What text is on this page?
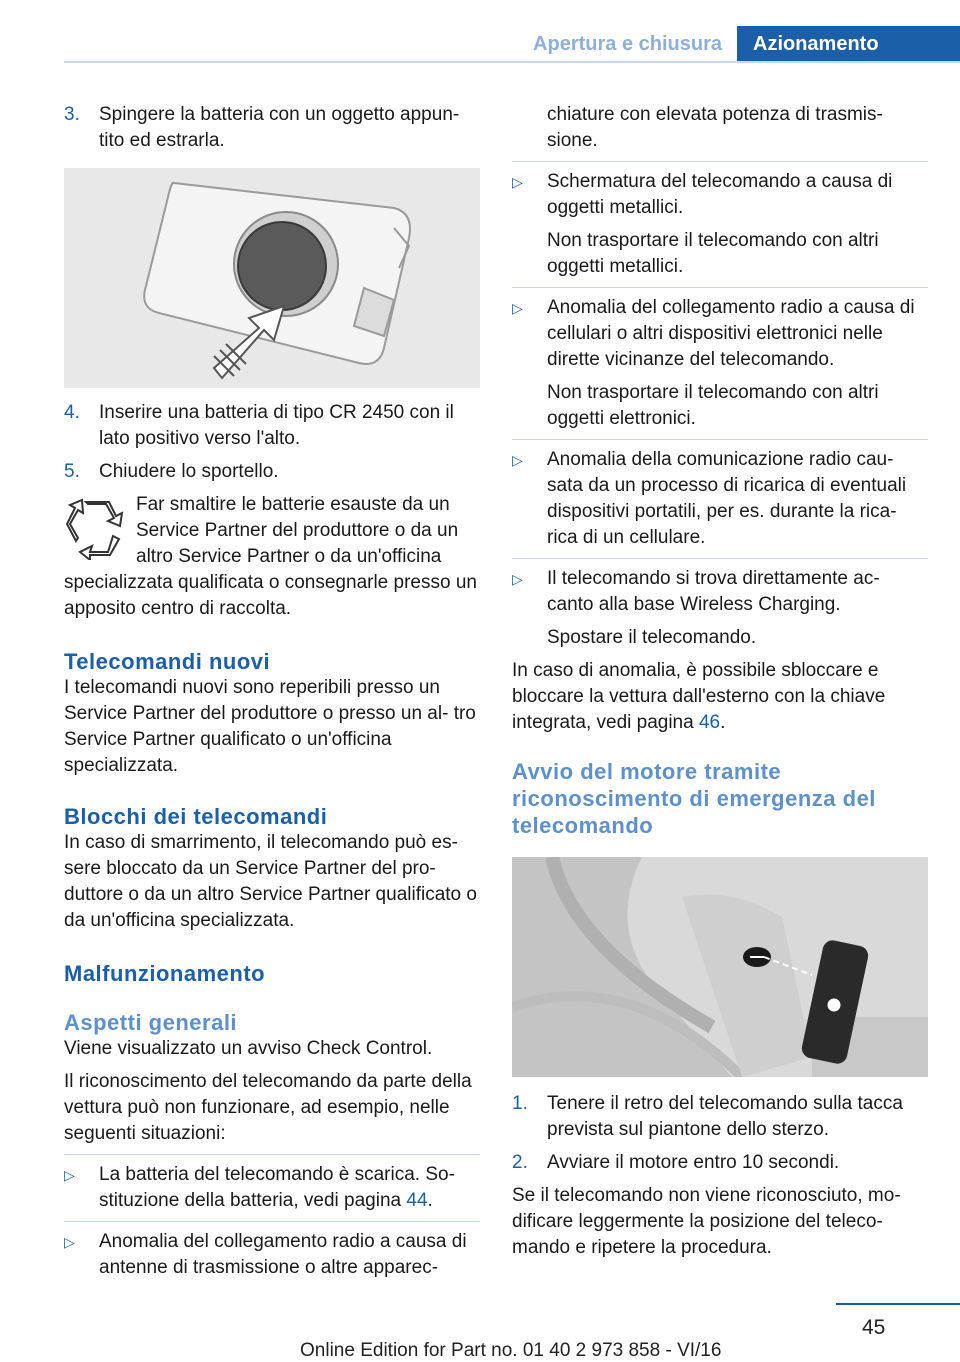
Apertura e chiusura	Azionamento
3.	Spingere la batteria con un oggetto appun‐ tito ed estrarla.
4.	Inserire una batteria di tipo CR 2450 con il lato positivo verso l'alto.
5.	Chiudere lo sportello.
Far smaltire le batterie esauste da un Service Partner del produttore o da un altro Service Partner o da un'officina specializzata qualificata o consegnarle presso un apposito centro di raccolta.
Telecomandi nuovi

I telecomandi nuovi sono reperibili presso un Service Partner del produttore o presso un al‐ tro Service Partner qualificato o un'officina specializzata.

Blocchi dei telecomandi

In caso di smarrimento, il telecomando può es‐ sere bloccato da un Service Partner del pro‐ duttore o da un altro Service Partner qualificato o da un'officina specializzata.

Malfunzionamento
Aspetti generali

Viene visualizzato un avviso Check Control.

Il riconoscimento del telecomando da parte della vettura può non funzionare, ad esempio, nelle seguenti situazioni:

▷	La batteria del telecomando è scarica. So‐ stituzione della batteria, vedi pagina 44.
▷	Anomalia del collegamento radio a causa di antenne di trasmissione o altre apparec‐
chiature con elevata potenza di trasmis‐ sione.
▷	Schermatura del telecomando a causa di oggetti metallici.
Non trasportare il telecomando con altri oggetti metallici.
▷	Anomalia del collegamento radio a causa di cellulari o altri dispositivi elettronici nelle dirette vicinanze del telecomando.
Non trasportare il telecomando con altri oggetti elettronici.
▷	Anomalia della comunicazione radio cau‐ sata da un processo di ricarica di eventuali dispositivi portatili, per es. durante la rica‐ rica di un cellulare.
▷	Il telecomando si trova direttamente ac‐ canto alla base Wireless Charging.
Spostare il telecomando.

In caso di anomalia, è possibile sbloccare e bloccare la vettura dall'esterno con la chiave integrata, vedi pagina 46.

Avvio del motore tramite riconoscimento di emergenza del telecomando
1.	Tenere il retro del telecomando sulla tacca prevista sul piantone dello sterzo.
2.	Avviare il motore entro 10 secondi.

Se il telecomando non viene riconosciuto, mo‐ dificare leggermente la posizione del teleco‐ mando e ripetere la procedura.

45
Online Edition for Part no. 01 40 2 973 858 - VI/16
